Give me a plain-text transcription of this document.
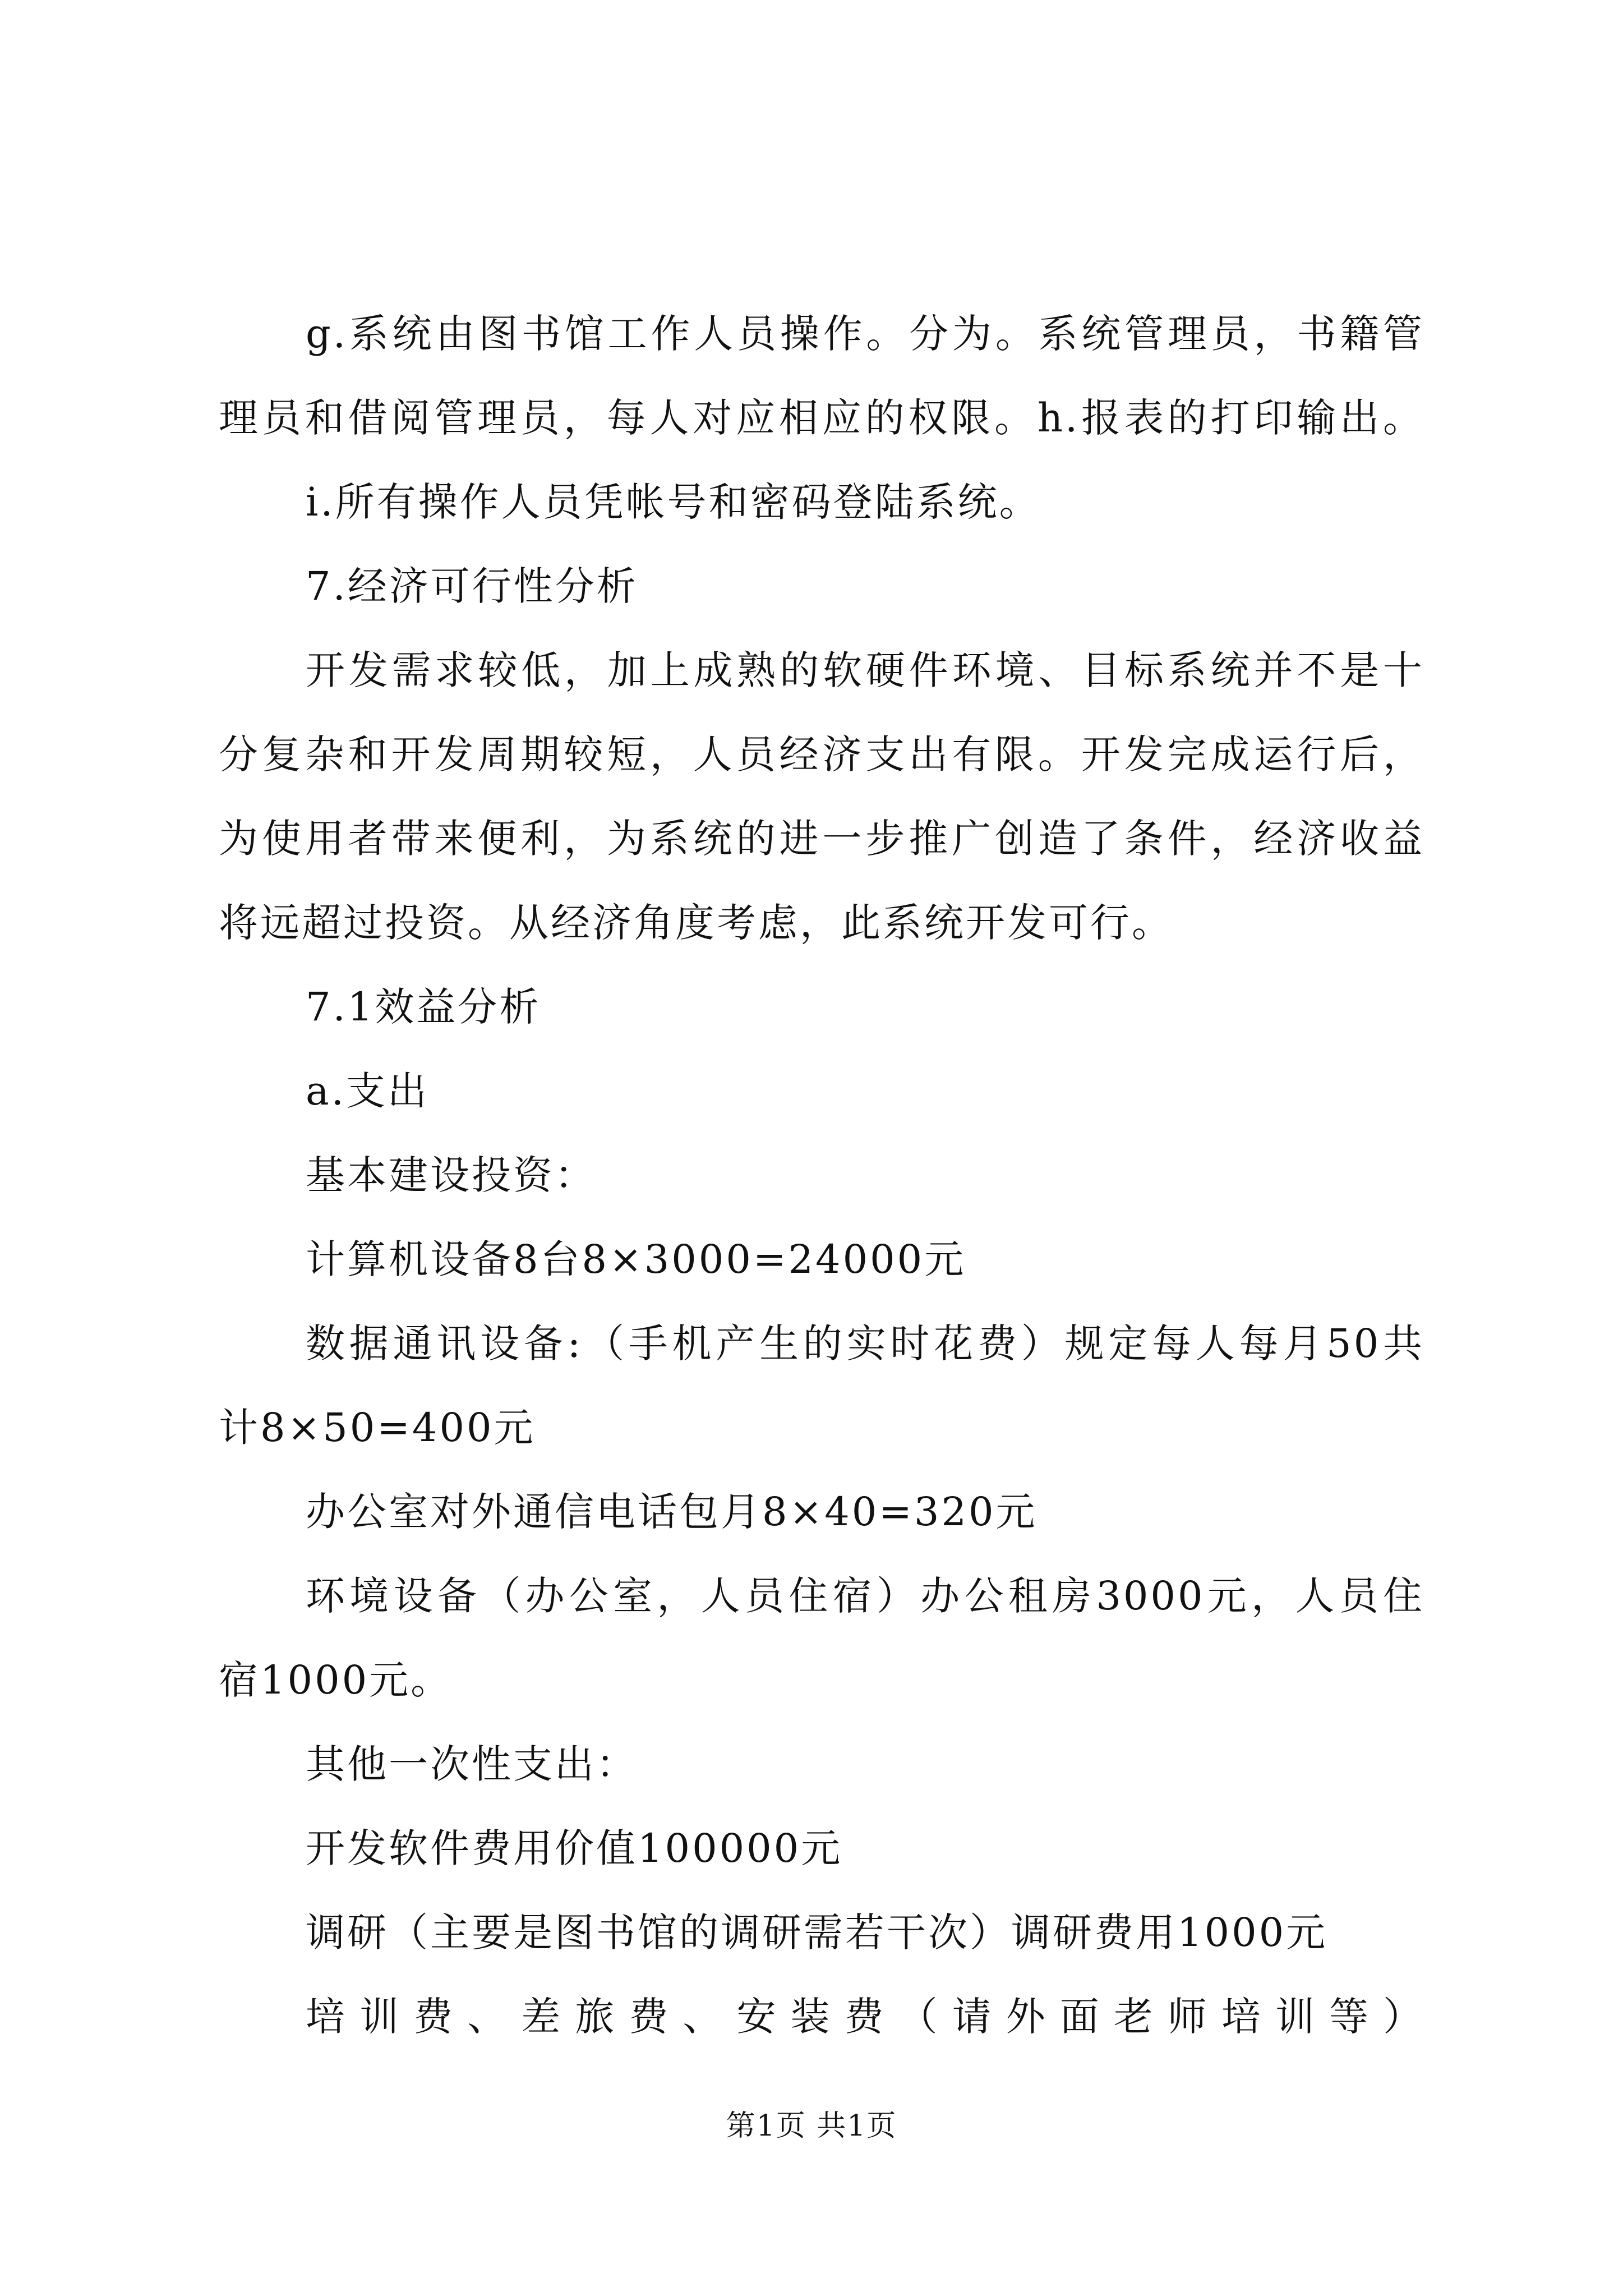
g.系统由图书馆工作人员操作。分为。系统管理员，书籍管
理员和借阅管理员，每人对应相应的权限。h.报表的打印输出。
i.所有操作人员凭帐号和密码登陆系统。
7.经济可行性分析
开发需求较低，加上成熟的软硬件环境、目标系统并不是十
分复杂和开发周期较短，人员经济支出有限。开发完成运行后，
为使用者带来便利，为系统的进一步推广创造了条件，经济收益
将远超过投资。从经济角度考虑，此系统开发可行。
7.1效益分析
a.支出
基本建设投资：
计算机设备8台8×3000=24000元
数据通讯设备:（手机产生的实时花费）规定每人每月50共
计8×50=400元
办公室对外通信电话包月8×40=320元
环境设备（办公室，人员住宿）办公租房3000元，人员住
宿1000元。
其他一次性支出：
开发软件费用价值100000元
调研（主要是图书馆的调研需若干次）调研费用1000元
培训费、差旅费、安装费（请外面老师培训等）
第1页 共1页
